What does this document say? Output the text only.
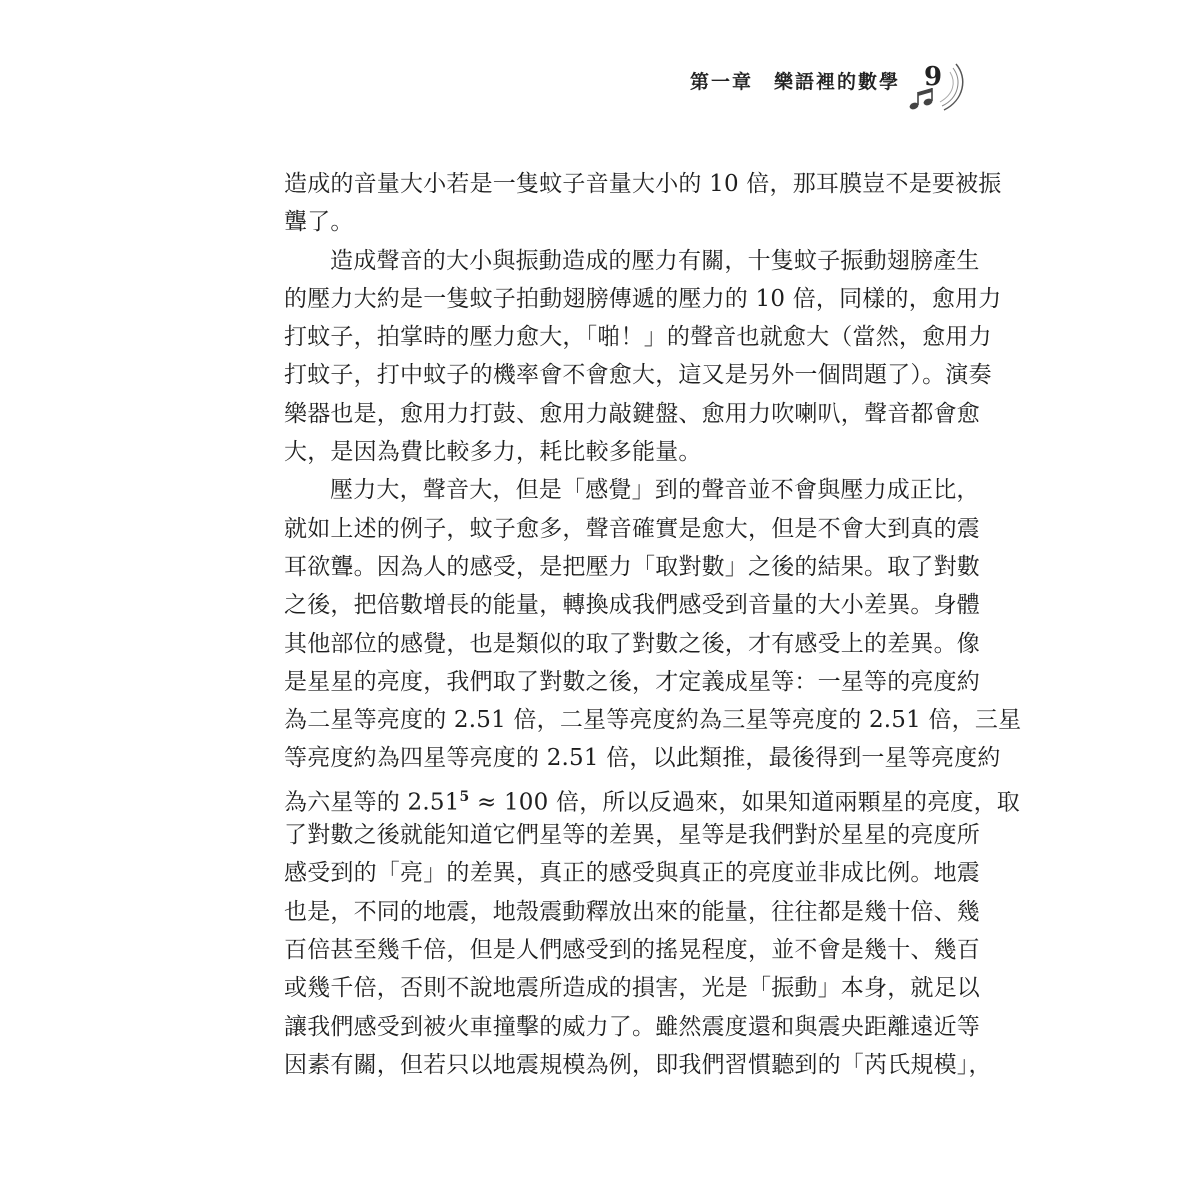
第一章　樂語裡的數學 9
造成的音量大小若是一隻蚊子音量大小的 10 倍，那耳膜豈不是要被振
聾了。
造成聲音的大小與振動造成的壓力有關，十隻蚊子振動翅膀產生
的壓力大約是一隻蚊子拍動翅膀傳遞的壓力的 10 倍，同樣的，愈用力
打蚊子，拍掌時的壓力愈大，「啪！」的聲音也就愈大（當然，愈用力
打蚊子，打中蚊子的機率會不會愈大，這又是另外一個問題了）。演奏
樂器也是，愈用力打鼓、愈用力敲鍵盤、愈用力吹喇叭，聲音都會愈
大，是因為費比較多力，耗比較多能量。
壓力大，聲音大，但是「感覺」到的聲音並不會與壓力成正比，
就如上述的例子，蚊子愈多，聲音確實是愈大，但是不會大到真的震
耳欲聾。因為人的感受，是把壓力「取對數」之後的結果。取了對數
之後，把倍數增長的能量，轉換成我們感受到音量的大小差異。身體
其他部位的感覺，也是類似的取了對數之後，才有感受上的差異。像
是星星的亮度，我們取了對數之後，才定義成星等：一星等的亮度約
為二星等亮度的 2.51 倍，二星等亮度約為三星等亮度的 2.51 倍，三星
等亮度約為四星等亮度的 2.51 倍，以此類推，最後得到一星等亮度約
為六星等的 $2.51^5 \approx 100$ 倍，所以反過來，如果知道兩顆星的亮度，取
了對數之後就能知道它們星等的差異，星等是我們對於星星的亮度所
感受到的「亮」的差異，真正的感受與真正的亮度並非成比例。地震
也是，不同的地震，地殼震動釋放出來的能量，往往都是幾十倍、幾
百倍甚至幾千倍，但是人們感受到的搖晃程度，並不會是幾十、幾百
或幾千倍，否則不說地震所造成的損害，光是「振動」本身，就足以
讓我們感受到被火車撞擊的威力了。雖然震度還和與震央距離遠近等
因素有關，但若只以地震規模為例，即我們習慣聽到的「芮氏規模」，
